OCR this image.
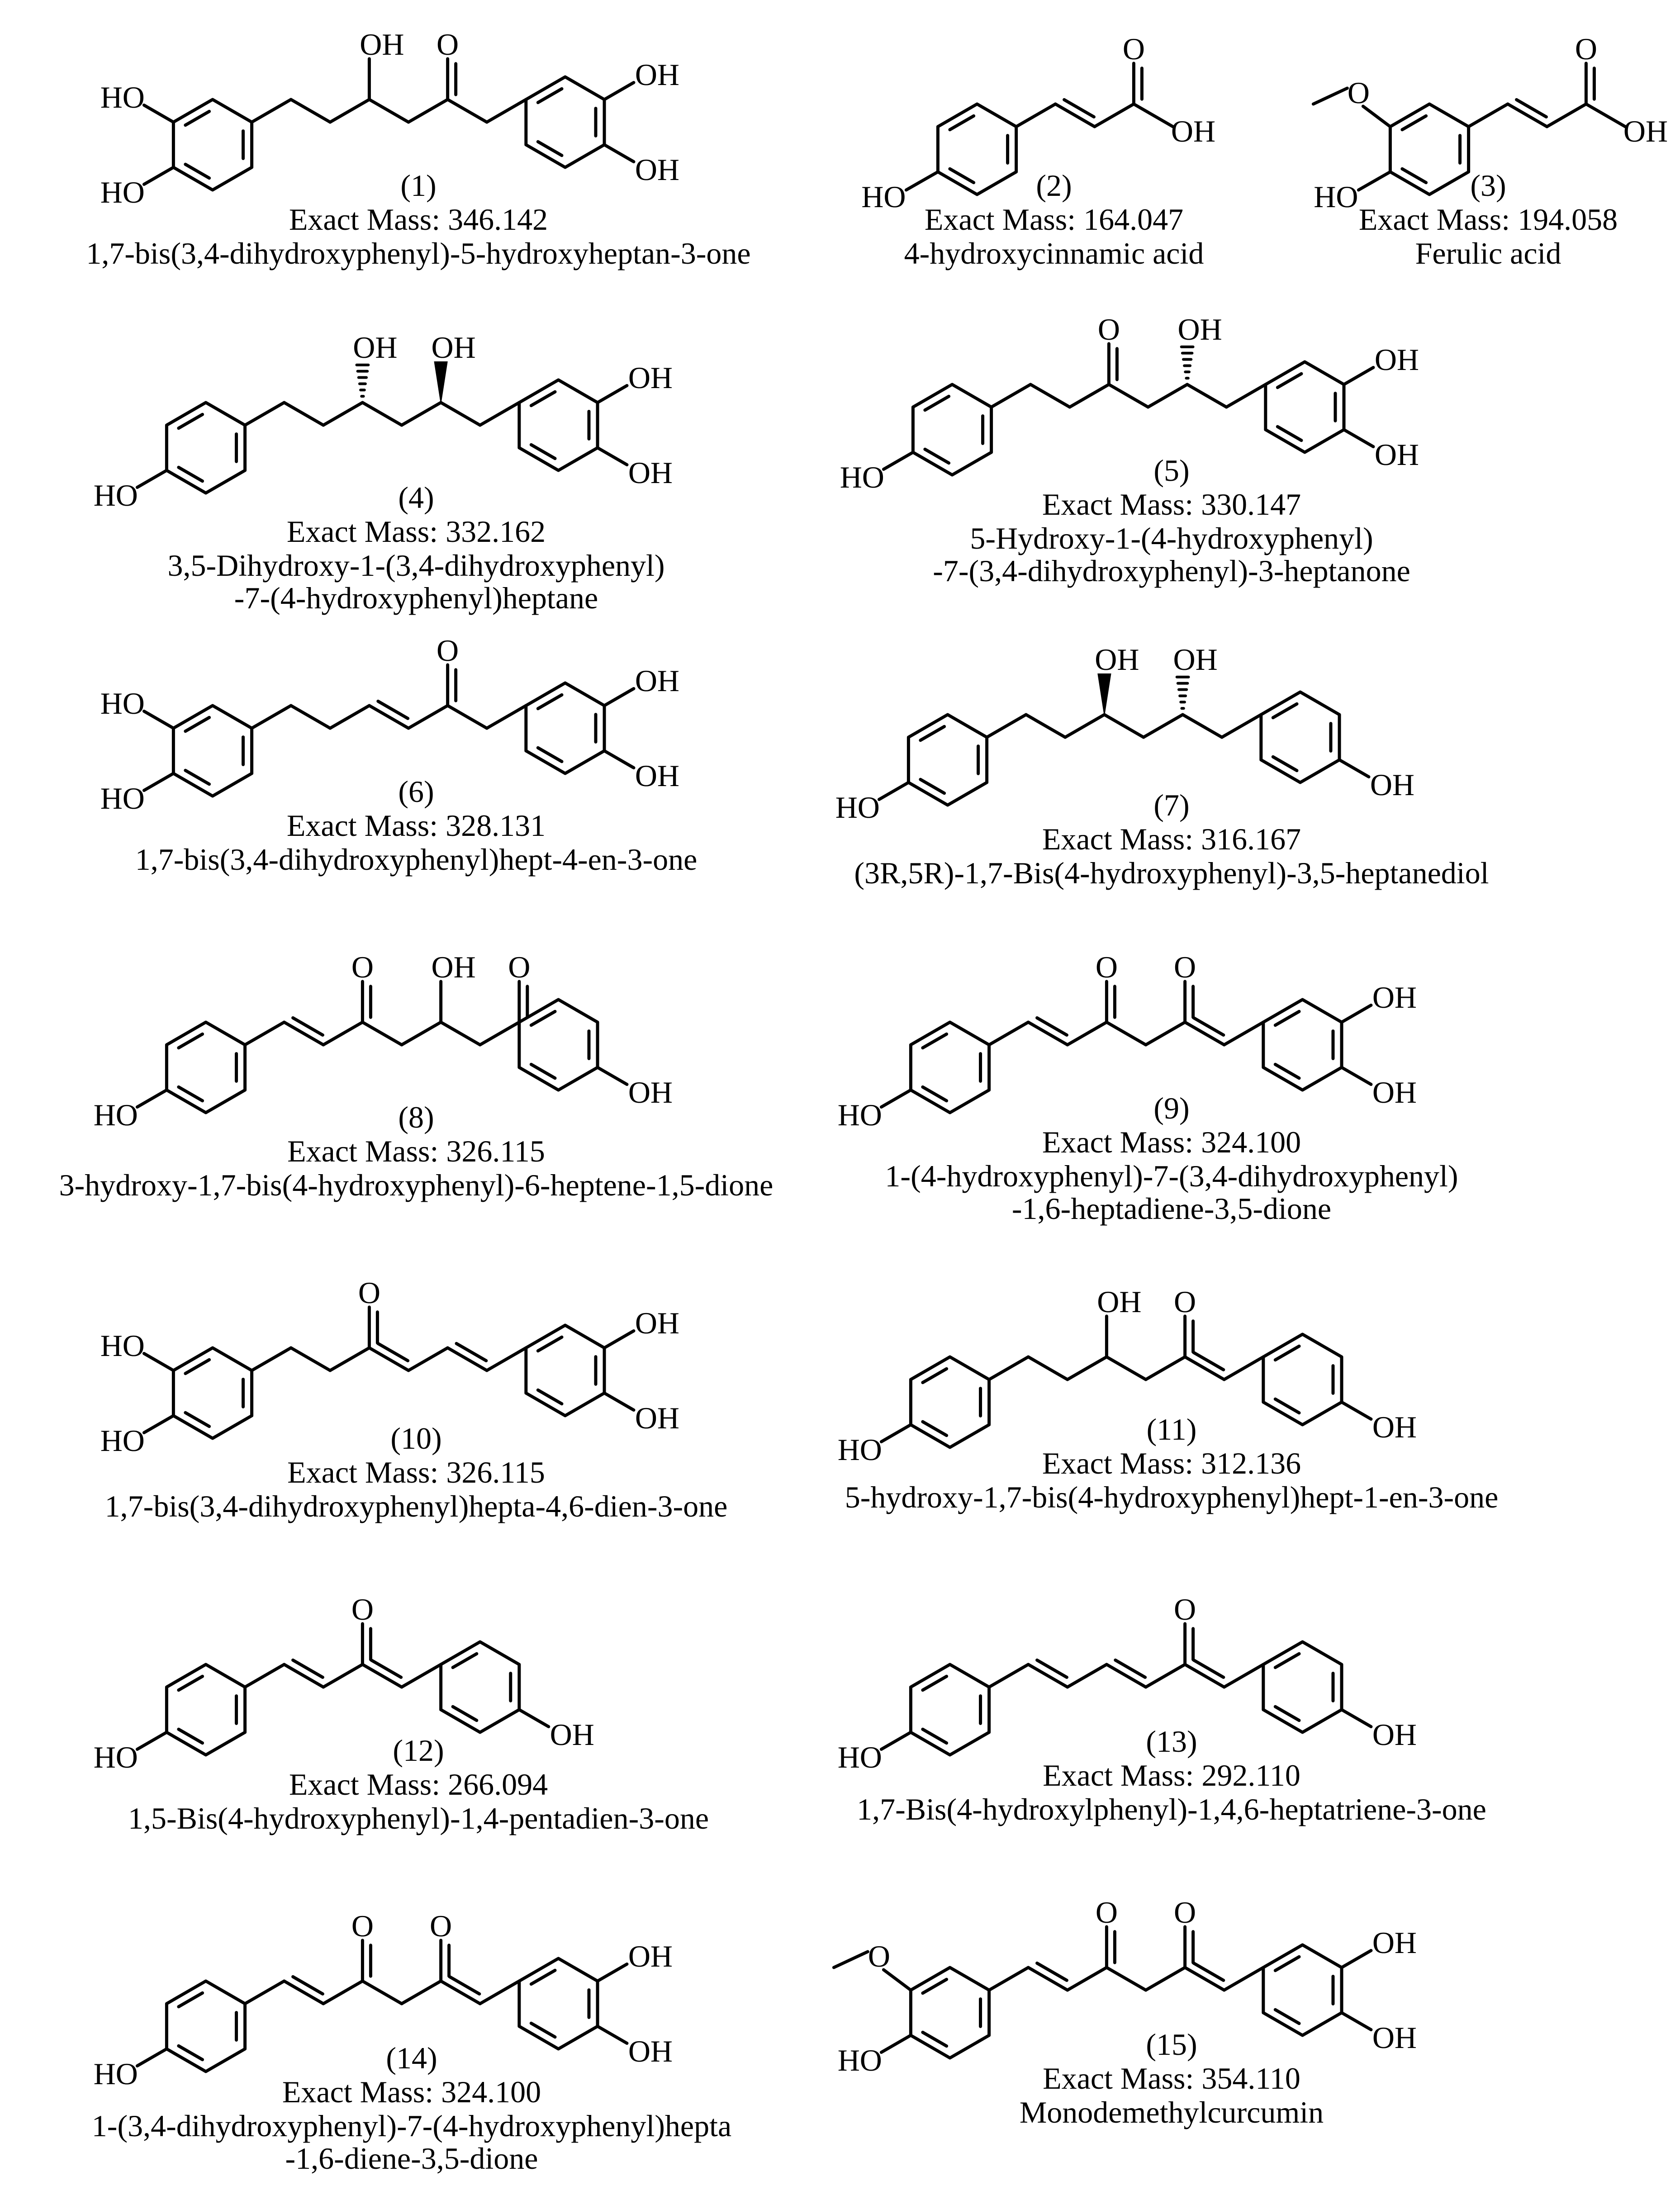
OH O
HO
HO
OH
OH
(1)
Exact Mass: 346.142
1,7-bis(3,4-dihydroxyphenyl)-5-hydroxyheptan-3-one
O
OH
HO	(2)
Exact Mass: 164.047
4-hydroxycinnamic acid
O
OH
O
HO	(3)
Exact Mass: 194.058
Ferulic acid
OH OH
HO
OH
OH
(4)
Exact Mass: 332.162
3,5-Dihydroxy-1-(3,4-dihydroxyphenyl)
-7-(4-hydroxyphenyl)heptane
O OH
HO
OH
OH
(5)
Exact Mass: 330.147
5-Hydroxy-1-(4-hydroxyphenyl)
-7-(3,4-dihydroxyphenyl)-3-heptanone
O
HO
HO
OH
OH
(6)
Exact Mass: 328.131
1,7-bis(3,4-dihydroxyphenyl)hept-4-en-3-one
OH OH
HO
OH
(7)
Exact Mass: 316.167
(3R,5R)-1,7-Bis(4-hydroxyphenyl)-3,5-heptanediol
O OH O
HO
OH
(8)
Exact Mass: 326.115
3-hydroxy-1,7-bis(4-hydroxyphenyl)-6-heptene-1,5-dione
O O
HO
OH
OH
(9)
Exact Mass: 324.100
1-(4-hydroxyphenyl)-7-(3,4-dihydroxyphenyl)
-1,6-heptadiene-3,5-dione
O
HO
HO
OH
OH
(10)
Exact Mass: 326.115
1,7-bis(3,4-dihydroxyphenyl)hepta-4,6-dien-3-one
OH O
HO
OH
(11)
Exact Mass: 312.136
5-hydroxy-1,7-bis(4-hydroxyphenyl)hept-1-en-3-one
O
HO
OH
(12)
Exact Mass: 266.094
1,5-Bis(4-hydroxyphenyl)-1,4-pentadien-3-one
O
HO
OH
(13)
Exact Mass: 292.110
1,7-Bis(4-hydroxylphenyl)-1,4,6-heptatriene-3-one
O O
HO
OH
OH
(14)
Exact Mass: 324.100
1-(3,4-dihydroxyphenyl)-7-(4-hydroxyphenyl)hepta
-1,6-diene-3,5-dione
O O
HO
OH
OH
O
(15)
Exact Mass: 354.110
Monodemethylcurcumin
